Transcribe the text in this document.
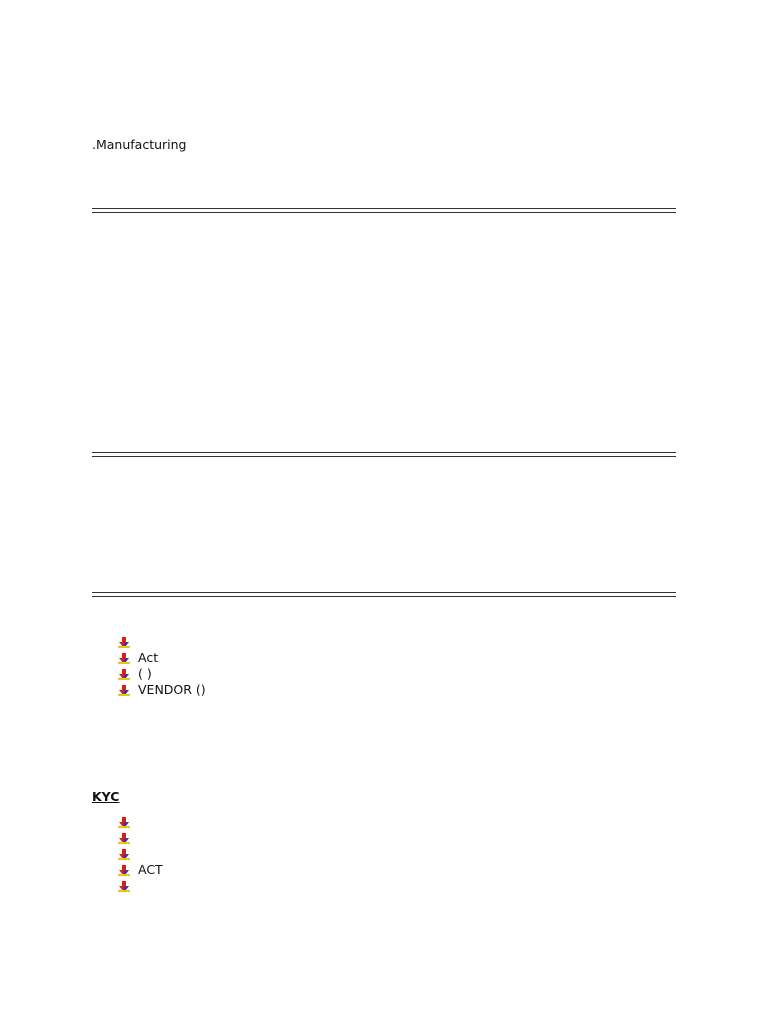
.Manufacturing

Act
( )
VENDOR ()

KYC

ACT
